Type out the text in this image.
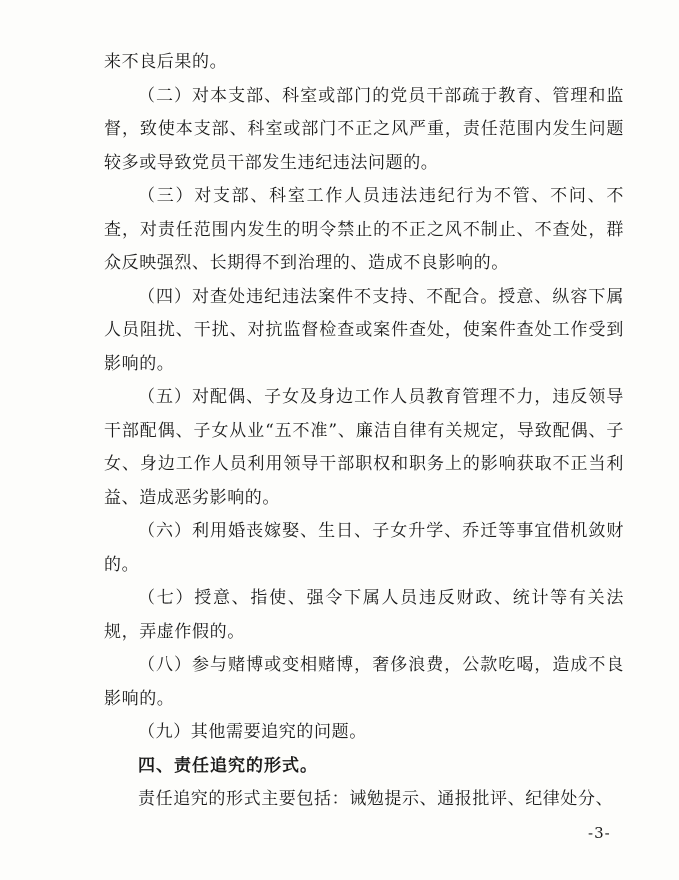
来不良后果的。

（二）对本支部、科室或部门的党员干部疏于教育、管理和监督，致使本支部、科室或部门不正之风严重，责任范围内发生问题较多或导致党员干部发生违纪违法问题的。

（三）对支部、科室工作人员违法违纪行为不管、不问、不查，对责任范围内发生的明令禁止的不正之风不制止、不查处，群众反映强烈、长期得不到治理的、造成不良影响的。

（四）对查处违纪违法案件不支持、不配合。授意、纵容下属人员阻扰、干扰、对抗监督检查或案件查处，使案件查处工作受到影响的。

（五）对配偶、子女及身边工作人员教育管理不力，违反领导干部配偶、子女从业“五不准”、廉洁自律有关规定，导致配偶、子女、身边工作人员利用领导干部职权和职务上的影响获取不正当利益、造成恶劣影响的。

（六）利用婚丧嫁娶、生日、子女升学、乔迁等事宜借机敛财的。

（七）授意、指使、强令下属人员违反财政、统计等有关法规，弄虚作假的。

（八）参与赌博或变相赌博，奢侈浪费，公款吃喝，造成不良影响的。

（九）其他需要追究的问题。

四、责任追究的形式。

责任追究的形式主要包括：诫勉提示、通报批评、纪律处分、

-3-
